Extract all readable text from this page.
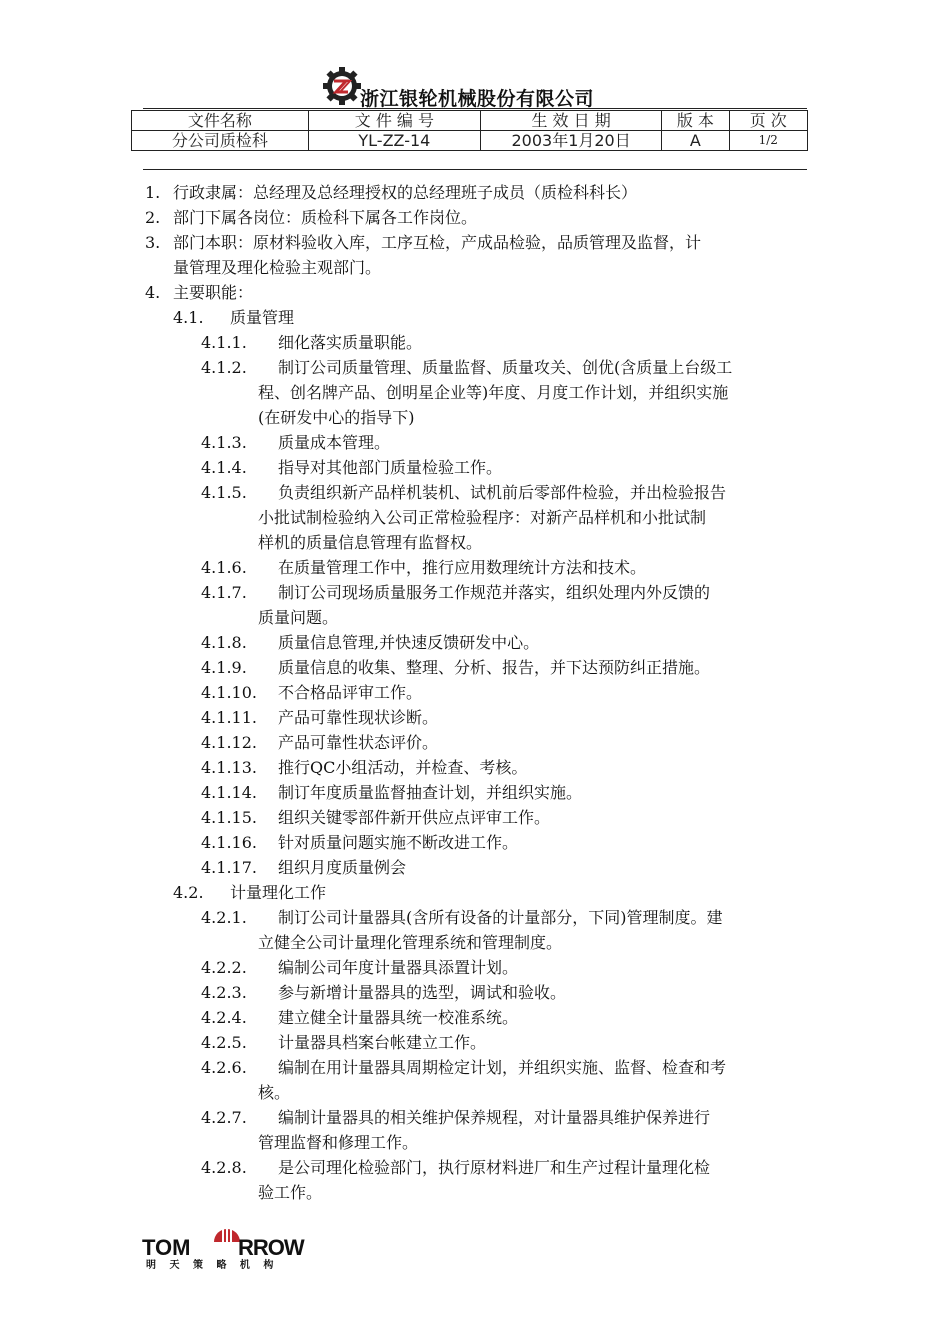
浙江银轮机械股份有限公司
文件名称	文 件 编 号	生 效 日 期	版 本	页 次
分公司质检科	YL-ZZ-14	2003年1月20日	A	1/2
1. 行政隶属：总经理及总经理授权的总经理班子成员（质检科科长）
2. 部门下属各岗位：质检科下属各工作岗位。
3. 部门本职：原材料验收入库，工序互检，产成品检验，品质管理及监督，计
量管理及理化检验主观部门。
4. 主要职能：
4.1. 质量管理
4.1.1. 细化落实质量职能。
4.1.2. 制订公司质量管理、质量监督、质量攻关、创优(含质量上台级工
程、创名牌产品、创明星企业等)年度、月度工作计划，并组织实施
(在研发中心的指导下)
4.1.3. 质量成本管理。
4.1.4. 指导对其他部门质量检验工作。
4.1.5. 负责组织新产品样机装机、试机前后零部件检验，并出检验报告
小批试制检验纳入公司正常检验程序：对新产品样机和小批试制
样机的质量信息管理有监督权。
4.1.6. 在质量管理工作中，推行应用数理统计方法和技术。
4.1.7. 制订公司现场质量服务工作规范并落实，组织处理内外反馈的
质量问题。
4.1.8. 质量信息管理,并快速反馈研发中心。
4.1.9. 质量信息的收集、整理、分析、报告，并下达预防纠正措施。
4.1.10. 不合格品评审工作。
4.1.11. 产品可靠性现状诊断。
4.1.12. 产品可靠性状态评价。
4.1.13. 推行QC小组活动，并检查、考核。
4.1.14. 制订年度质量监督抽查计划，并组织实施。
4.1.15. 组织关键零部件新开供应点评审工作。
4.1.16. 针对质量问题实施不断改进工作。
4.1.17. 组织月度质量例会
4.2. 计量理化工作
4.2.1. 制订公司计量器具(含所有设备的计量部分，下同)管理制度。建
立健全公司计量理化管理系统和管理制度。
4.2.2. 编制公司年度计量器具添置计划。
4.2.3. 参与新增计量器具的选型，调试和验收。
4.2.4. 建立健全计量器具统一校准系统。
4.2.5. 计量器具档案台帐建立工作。
4.2.6. 编制在用计量器具周期检定计划，并组织实施、监督、检查和考
核。
4.2.7. 编制计量器具的相关维护保养规程，对计量器具维护保养进行
管理监督和修理工作。
4.2.8. 是公司理化检验部门，执行原材料进厂和生产过程计量理化检
验工作。
TOM RROW
明 天 策 略 机 构
